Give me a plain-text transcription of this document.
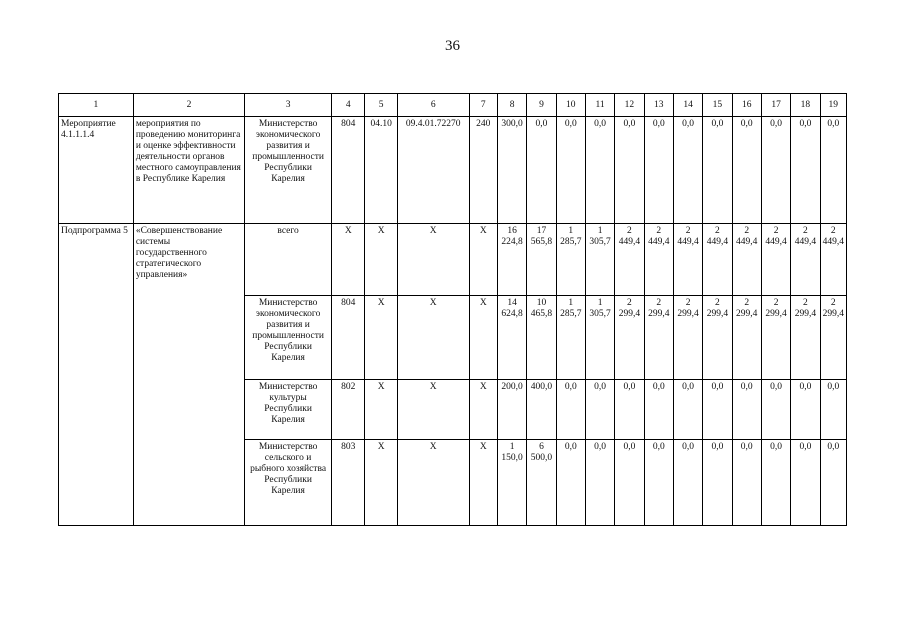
36
1	2	3	4	5	6	7	8	9	10	11	12	13	14	15	16	17	18	19
Мероприятие 4.1.1.1.4	мероприятия по проведению мониторинга и оценке эффективности деятельности органов местного самоуправления в Республике Карелия	Министерство экономического развития и промышленности Республики Карелия	804	04.10	09.4.01.72270	240	300,0	0,0	0,0	0,0	0,0	0,0	0,0	0,0	0,0	0,0	0,0	0,0
Подпрограмма 5	«Совершенствование системы государственного стратегического управления»	всего	Х	Х	Х	Х	16 224,8	17 565,8	1 285,7	1 305,7	2 449,4	2 449,4	2 449,4	2 449,4	2 449,4	2 449,4	2 449,4	2 449,4
		Министерство экономического развития и промышленности Республики Карелия	804	Х	Х	Х	14 624,8	10 465,8	1 285,7	1 305,7	2 299,4	2 299,4	2 299,4	2 299,4	2 299,4	2 299,4	2 299,4	2 299,4
		Министерство культуры Республики Карелия	802	Х	Х	Х	200,0	400,0	0,0	0,0	0,0	0,0	0,0	0,0	0,0	0,0	0,0	0,0
		Министерство сельского и рыбного хозяйства Республики Карелия	803	Х	Х	Х	1 150,0	6 500,0	0,0	0,0	0,0	0,0	0,0	0,0	0,0	0,0	0,0	0,0
